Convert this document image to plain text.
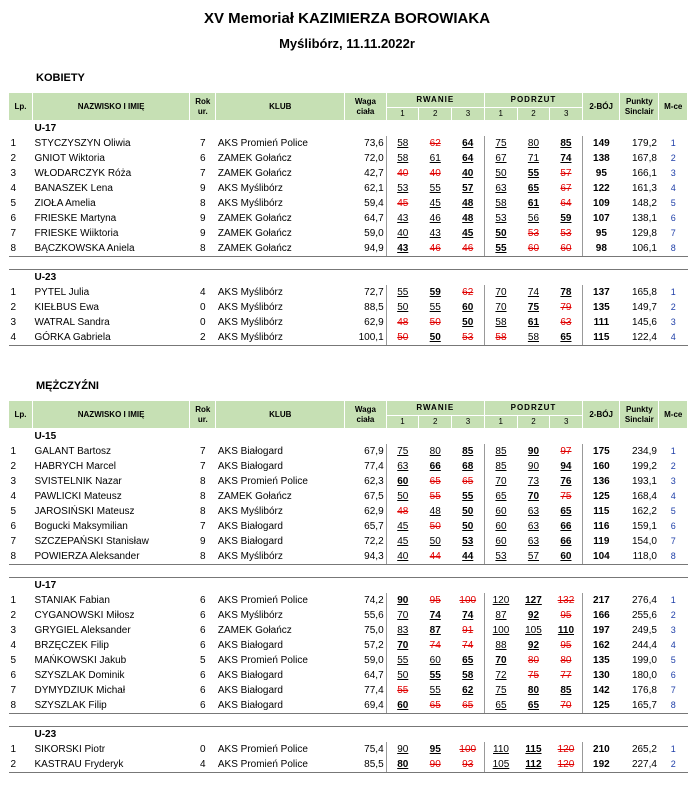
XV Memoriał KAZIMIERZA BOROWIAKA
Myślibórz, 11.11.2022r
KOBIETY
Lp.	NAZWISKO I IMIĘ	Rok ur.	KLUB	Waga ciała	RWANIE			PODRZUT			2-BÓJ	Punkty Sinclair	M-ce
					1	2	3	1	2	3			
	U-17												
1	STYCZYSZYN Oliwia	7	AKS Promień Police	73,6	58	62	64	75	80	85	149	179,2	1
2	GNIOT Wiktoria	6	ZAMEK Gołańcz	72,0	58	61	64	67	71	74	138	167,8	2
3	WŁODARCZYK Róża	7	ZAMEK Gołańcz	42,7	40	40	40	50	55	57	95	166,1	3
4	BANASZEK Lena	9	AKS Myślibórz	62,1	53	55	57	63	65	67	122	161,3	4
5	ZIOŁA Amelia	8	AKS Myślibórz	59,4	45	45	48	58	61	64	109	148,2	5
6	FRIESKE Martyna	9	ZAMEK Gołańcz	64,7	43	46	48	53	56	59	107	138,1	6
7	FRIESKE Wiiktoria	9	ZAMEK Gołańcz	59,0	40	43	45	50	53	53	95	129,8	7
8	BĄCZKOWSKA Aniela	8	ZAMEK Gołańcz	94,9	43	46	46	55	60	60	98	106,1	8

	U-23												
1	PYTEL Julia	4	AKS Myślibórz	72,7	55	59	62	70	74	78	137	165,8	1
2	KIEŁBUS Ewa	0	AKS Myślibórz	88,5	50	55	60	70	75	79	135	149,7	2
3	WATRAL Sandra	0	AKS Myślibórz	62,9	48	50	50	58	61	63	111	145,6	3
4	GÓRKA Gabriela	2	AKS Myślibórz	100,1	50	50	53	58	58	65	115	122,4	4
MĘŻCZYŹNI
Lp.	NAZWISKO I IMIĘ	Rok ur.	KLUB	Waga ciała	RWANIE			PODRZUT			2-BÓJ	Punkty Sinclair	M-ce
					1	2	3	1	2	3			
	U-15												
1	GALANT Bartosz	7	AKS Białogard	67,9	75	80	85	85	90	97	175	234,9	1
2	HABRYCH Marcel	7	AKS Białogard	77,4	63	66	68	85	90	94	160	199,2	2
3	SVISTELNIK Nazar	8	AKS Promień Police	62,3	60	65	65	70	73	76	136	193,1	3
4	PAWLICKI Mateusz	8	ZAMEK Gołańcz	67,5	50	55	55	65	70	75	125	168,4	4
5	JAROSIŃSKI Mateusz	8	AKS Myślibórz	62,9	48	48	50	60	63	65	115	162,2	5
6	Bogucki Maksymilian	7	AKS Białogard	65,7	45	50	50	60	63	66	116	159,1	6
7	SZCZEPAŃSKI Stanisław	9	AKS Białogard	72,2	45	50	53	60	63	66	119	154,0	7
8	POWIERZA Aleksander	8	AKS Myślibórz	94,3	40	44	44	53	57	60	104	118,0	8

	U-17												
1	STANIAK Fabian	6	AKS Promień Police	74,2	90	95	100	120	127	132	217	276,4	1
2	CYGANOWSKI Miłosz	6	AKS Myślibórz	55,6	70	74	74	87	92	95	166	255,6	2
3	GRYGIEL Aleksander	6	ZAMEK Gołańcz	75,0	83	87	91	100	105	110	197	249,5	3
4	BRZĘCZEK Filip	6	AKS Białogard	57,2	70	74	74	88	92	95	162	244,4	4
5	MAŃKOWSKI Jakub	5	AKS Promień Police	59,0	55	60	65	70	80	80	135	199,0	5
6	SZYSZLAK Dominik	6	AKS Białogard	64,7	50	55	58	72	75	77	130	180,0	6
7	DYMYDZIUK Michał	6	AKS Białogard	77,4	55	55	62	75	80	85	142	176,8	7
8	SZYSZLAK Filip	6	AKS Białogard	69,4	60	65	65	65	65	70	125	165,7	8

	U-23												
1	SIKORSKI Piotr	0	AKS Promień Police	75,4	90	95	100	110	115	120	210	265,2	1
2	KASTRAU Fryderyk	4	AKS Promień Police	85,5	80	90	93	105	112	120	192	227,4	2
